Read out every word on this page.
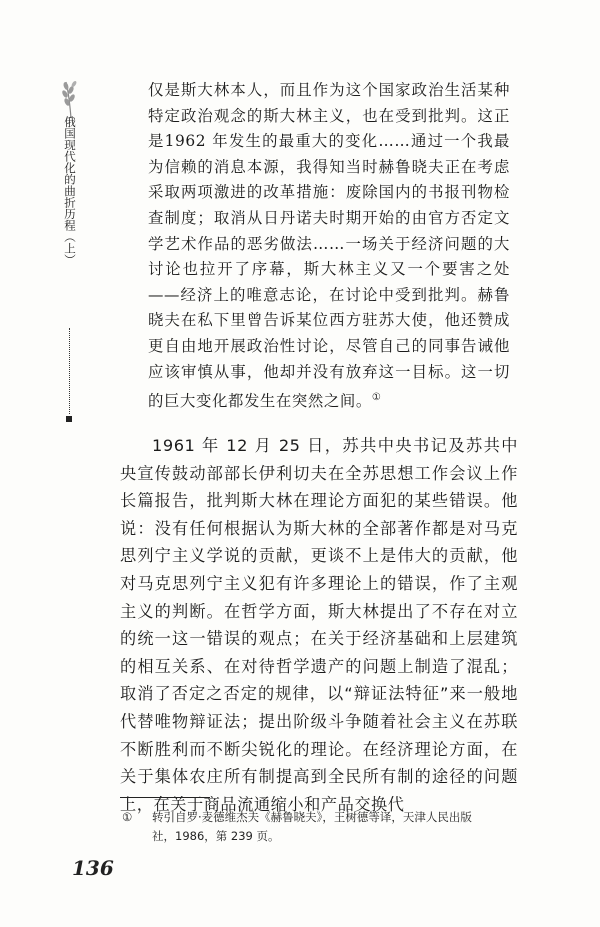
俄国现代化的曲折历程（上）

仅是斯大林本人，而且作为这个国家政治生活某种特定政治观念的斯大林主义，也在受到批判。这正是1962 年发生的最重大的变化……通过一个我最为信赖的消息本源，我得知当时赫鲁晓夫正在考虑采取两项激进的改革措施：废除国内的书报刊物检查制度；取消从日丹诺夫时期开始的由官方否定文学艺术作品的恶劣做法……一场关于经济问题的大讨论也拉开了序幕，斯大林主义又一个要害之处——经济上的唯意志论，在讨论中受到批判。赫鲁晓夫在私下里曾告诉某位西方驻苏大使，他还赞成更自由地开展政治性讨论，尽管自己的同事告诫他应该审慎从事，他却并没有放弃这一目标。这一切的巨大变化都发生在突然之间。①

1961 年 12 月 25 日，苏共中央书记及苏共中央宣传鼓动部部长伊利切夫在全苏思想工作会议上作长篇报告，批判斯大林在理论方面犯的某些错误。他说：没有任何根据认为斯大林的全部著作都是对马克思列宁主义学说的贡献，更谈不上是伟大的贡献，他对马克思列宁主义犯有许多理论上的错误，作了主观主义的判断。在哲学方面，斯大林提出了不存在对立的统一这一错误的观点；在关于经济基础和上层建筑的相互关系、在对待哲学遗产的问题上制造了混乱；取消了否定之否定的规律，以“辩证法特征”来一般地代替唯物辩证法；提出阶级斗争随着社会主义在苏联不断胜利而不断尖锐化的理论。在经济理论方面，在关于集体农庄所有制提高到全民所有制的途径的问题上，在关于商品流通缩小和产品交换代

① 转引自罗·麦德维杰夫《赫鲁晓夫》，王树德等译，天津人民出版
社，1986，第 239 页。
136
